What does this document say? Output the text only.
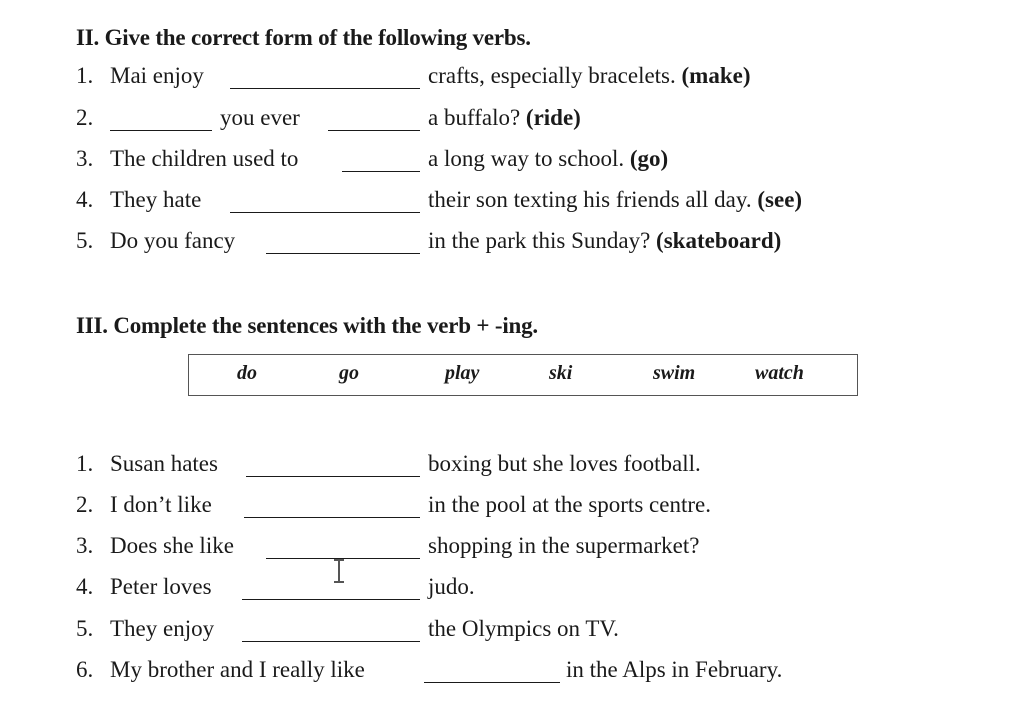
II. Give the correct form of the following verbs.
1. Mai enjoy	crafts, especially bracelets. (make)
2.	you ever	a buffalo? (ride)
3. The children used to	a long way to school. (go)
4. They hate	their son texting his friends all day. (see)
5. Do you fancy	in the park this Sunday? (skateboard)
III. Complete the sentences with the verb + -ing.
do	go	play	ski	swim	watch
1. Susan hates	boxing but she loves football.
2. I don’t like	in the pool at the sports centre.
3. Does she like	shopping in the supermarket?
4. Peter loves	judo.
5. They enjoy	the Olympics on TV.
6. My brother and I really like	in the Alps in February.
